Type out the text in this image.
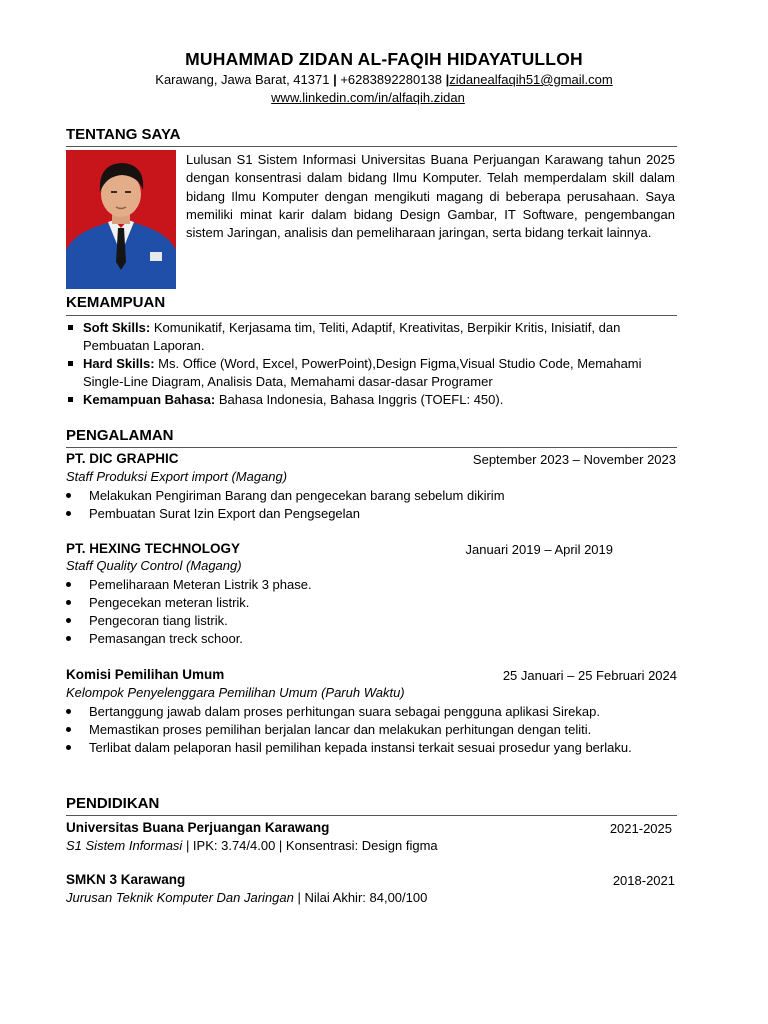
MUHAMMAD ZIDAN AL-FAQIH HIDAYATULLOH
Karawang, Jawa Barat, 41371 | +6283892280138 |zidanealfaqih51@gmail.com
www.linkedin.com/in/alfaqih.zidan
TENTANG SAYA
Lulusan S1 Sistem Informasi Universitas Buana Perjuangan Karawang tahun 2025 dengan konsentrasi dalam bidang Ilmu Komputer. Telah memperdalam skill dalam bidang Ilmu Komputer dengan mengikuti magang di beberapa perusahaan. Saya memiliki minat karir dalam bidang Design Gambar, IT Software, pengembangan sistem Jaringan, analisis dan pemeliharaan jaringan, serta bidang terkait lainnya.
KEMAMPUAN
Soft Skills: Komunikatif, Kerjasama tim, Teliti, Adaptif, Kreativitas, Berpikir Kritis, Inisiatif, dan Pembuatan Laporan.
Hard Skills: Ms. Office (Word, Excel, PowerPoint),Design Figma,Visual Studio Code, Memahami Single-Line Diagram, Analisis Data, Memahami dasar-dasar Programer
Kemampuan Bahasa: Bahasa Indonesia, Bahasa Inggris (TOEFL: 450).
PENGALAMAN
PT. DIC GRAPHIC	September 2023 – November 2023
Staff Produksi Export import (Magang)
Melakukan Pengiriman Barang dan pengecekan barang sebelum dikirim
Pembuatan Surat Izin Export dan Pengsegelan
PT. HEXING TECHNOLOGY	Januari 2019 – April 2019
Staff Quality Control (Magang)
Pemeliharaan Meteran Listrik 3 phase.
Pengecekan meteran listrik.
Pengecoran tiang listrik.
Pemasangan treck schoor.
Komisi Pemilihan Umum	25 Januari – 25 Februari 2024
Kelompok Penyelenggara Pemilihan Umum (Paruh Waktu)
Bertanggung jawab dalam proses perhitungan suara sebagai pengguna aplikasi Sirekap.
Memastikan proses pemilihan berjalan lancar dan melakukan perhitungan dengan teliti.
Terlibat dalam pelaporan hasil pemilihan kepada instansi terkait sesuai prosedur yang berlaku.
PENDIDIKAN
Universitas Buana Perjuangan Karawang	2021-2025
S1 Sistem Informasi | IPK: 3.74/4.00 | Konsentrasi: Design figma
SMKN 3 Karawang	2018-2021
Jurusan Teknik Komputer Dan Jaringan | Nilai Akhir: 84,00/100
